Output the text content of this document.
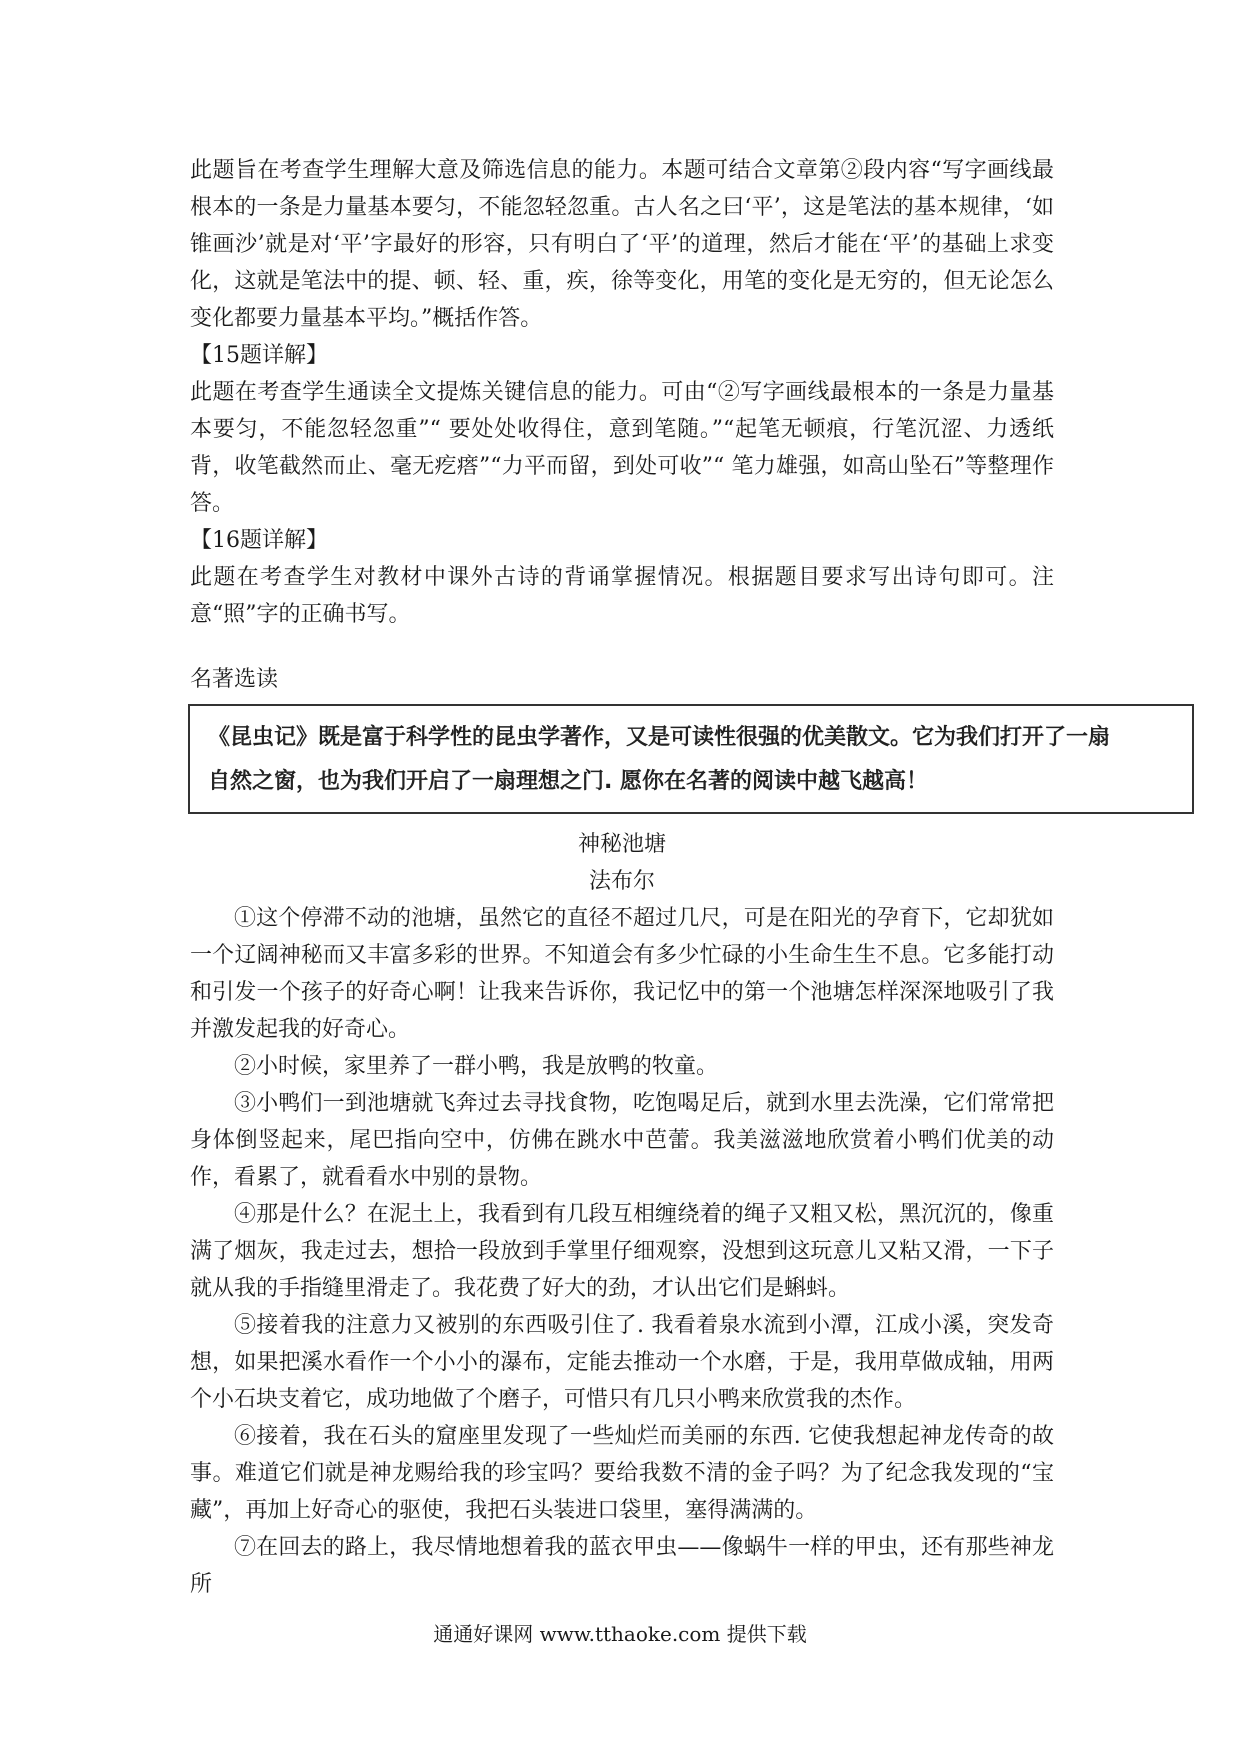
此题旨在考查学生理解大意及筛选信息的能力。本题可结合文章第②段内容“写字画线最根本的一条是力量基本要匀，不能忽轻忽重。古人名之曰‘平’，这是笔法的基本规律，‘如锥画沙’就是对‘平’字最好的形容，只有明白了‘平’的道理，然后才能在‘平’的基础上求变化，这就是笔法中的提、顿、轻、重，疾，徐等变化，用笔的变化是无穷的，但无论怎么变化都要力量基本平均。”概括作答。

【15题详解】

此题在考查学生通读全文提炼关键信息的能力。可由“②写字画线最根本的一条是力量基本要匀，不能忽轻忽重”“ 要处处收得住，意到笔随。”“起笔无顿痕，行笔沉涩、力透纸背，收笔截然而止、毫无疙瘩”“力平而留，到处可收”“ 笔力雄强，如高山坠石”等整理作答。

【16题详解】

此题在考查学生对教材中课外古诗的背诵掌握情况。根据题目要求写出诗句即可。注意“照”字的正确书写。

名著选读

《昆虫记》既是富于科学性的昆虫学著作，又是可读性很强的优美散文。它为我们打开了一扇

自然之窗，也为我们开启了一扇理想之门. 愿你在名著的阅读中越飞越高！

神秘池塘

法布尔

①这个停滞不动的池塘，虽然它的直径不超过几尺，可是在阳光的孕育下，它却犹如一个辽阔神秘而又丰富多彩的世界。不知道会有多少忙碌的小生命生生不息。它多能打动和引发一个孩子的好奇心啊！让我来告诉你，我记忆中的第一个池塘怎样深深地吸引了我并激发起我的好奇心。

②小时候，家里养了一群小鸭，我是放鸭的牧童。

③小鸭们一到池塘就飞奔过去寻找食物，吃饱喝足后，就到水里去洗澡，它们常常把身体倒竖起来，尾巴指向空中，仿佛在跳水中芭蕾。我美滋滋地欣赏着小鸭们优美的动作，看累了，就看看水中别的景物。

④那是什么？在泥土上，我看到有几段互相缠绕着的绳子又粗又松，黑沉沉的，像重满了烟灰，我走过去，想拾一段放到手掌里仔细观察，没想到这玩意儿又粘又滑，一下子就从我的手指缝里滑走了。我花费了好大的劲，才认出它们是蝌蚪。

⑤接着我的注意力又被别的东西吸引住了. 我看着泉水流到小潭，江成小溪，突发奇想，如果把溪水看作一个小小的瀑布，定能去推动一个水磨，于是，我用草做成轴，用两个小石块支着它，成功地做了个磨子，可惜只有几只小鸭来欣赏我的杰作。

⑥接着，我在石头的窟座里发现了一些灿烂而美丽的东西. 它使我想起神龙传奇的故事。难道它们就是神龙赐给我的珍宝吗？要给我数不清的金子吗？为了纪念我发现的“宝藏”，再加上好奇心的驱使，我把石头装进口袋里，塞得满满的。

⑦在回去的路上，我尽情地想着我的蓝衣甲虫——像蜗牛一样的甲虫，还有那些神龙所

通通好课网 www.tthaoke.com 提供下载
